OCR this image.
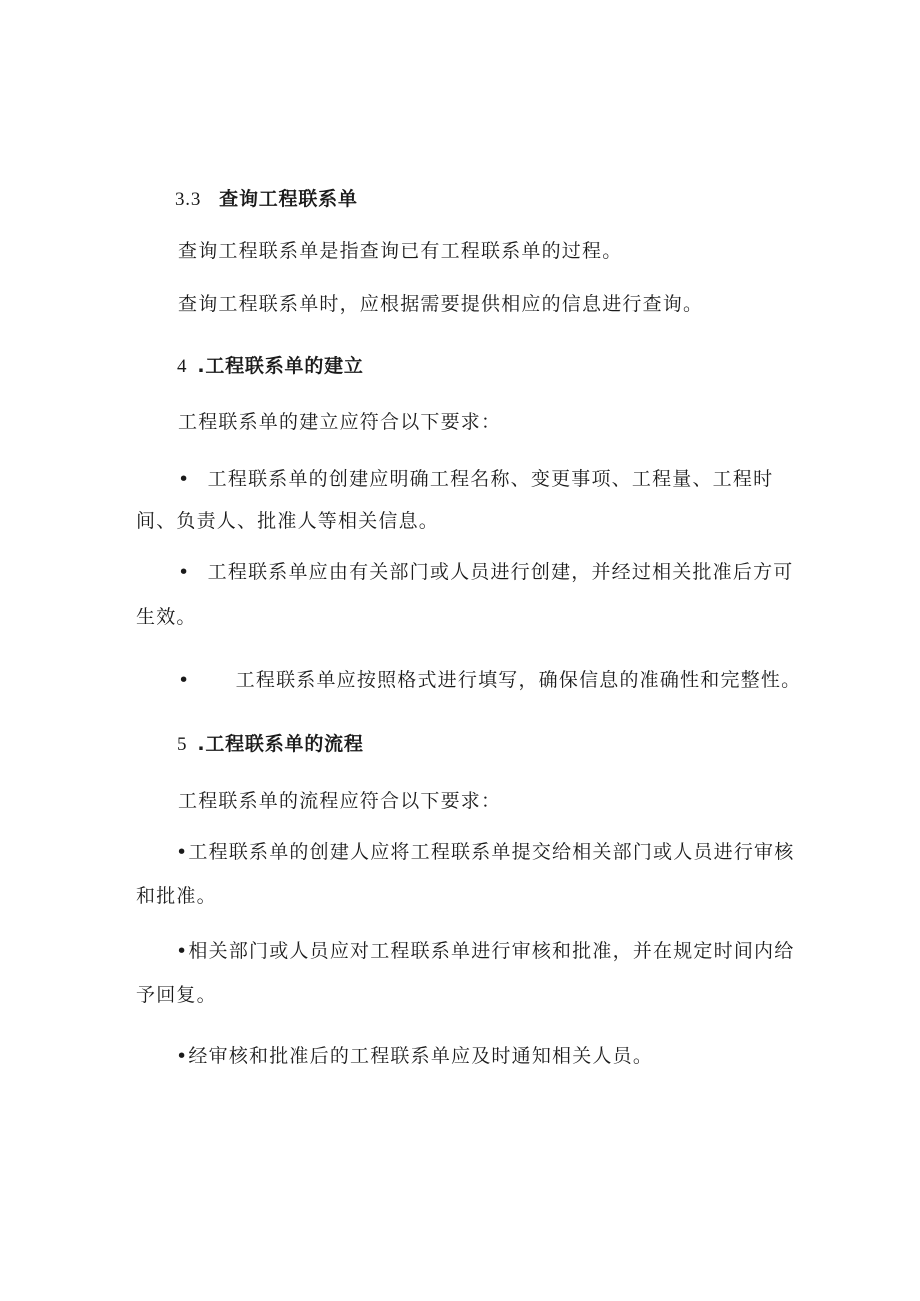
3.3 查询工程联系单
查询工程联系单是指查询已有工程联系单的过程。
查询工程联系单时，应根据需要提供相应的信息进行查询。
4 .工程联系单的建立
工程联系单的建立应符合以下要求：
• 工程联系单的创建应明确工程名称、变更事项、工程量、工程时
间、负责人、批准人等相关信息。
• 工程联系单应由有关部门或人员进行创建，并经过相关批准后方可
生效。
• 工程联系单应按照格式进行填写，确保信息的准确性和完整性。
5 .工程联系单的流程
工程联系单的流程应符合以下要求：
•工程联系单的创建人应将工程联系单提交给相关部门或人员进行审核
和批准。
•相关部门或人员应对工程联系单进行审核和批准，并在规定时间内给
予回复。
•经审核和批准后的工程联系单应及时通知相关人员。
